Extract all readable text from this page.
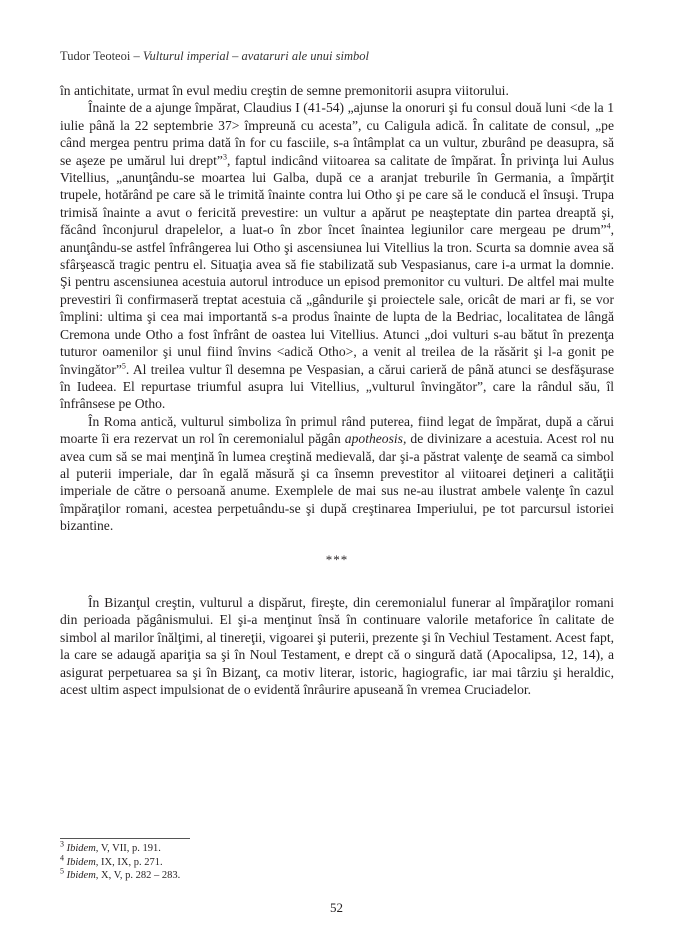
Tudor Teoteoi – Vulturul imperial – avataruri ale unui simbol

în antichitate, urmat în evul mediu creştin de semne premonitorii asupra viitorului.

Înainte de a ajunge împărat, Claudius I (41-54) „ajunse la onoruri şi fu consul două luni <de la 1 iulie până la 22 septembrie 37> împreună cu acesta”, cu Caligula adică. În calitate de consul, „pe când mergea pentru prima dată în for cu fasciile, s-a întâmplat ca un vultur, zburând pe deasupra, să se aşeze pe umărul lui drept”$^3$, faptul indicând viitoarea sa calitate de împărat. În privinţa lui Aulus Vitellius, „anunţându-se moartea lui Galba, după ce a aranjat treburile în Germania, a împărţit trupele, hotărând pe care să le trimită înainte contra lui Otho şi pe care să le conducă el însuşi. Trupa trimisă înainte a avut o fericită prevestire: un vultur a apărut pe neaşteptate din partea dreaptă şi, făcând înconjurul drapelelor, a luat-o în zbor încet înaintea legiunilor care mergeau pe drum”$^4$, anunţându-se astfel înfrângerea lui Otho şi ascensiunea lui Vitellius la tron. Scurta sa domnie avea să sfârşească tragic pentru el. Situaţia avea să fie stabilizată sub Vespasianus, care i-a urmat la domnie. Şi pentru ascensiunea acestuia autorul introduce un episod premonitor cu vulturi. De altfel mai multe prevestiri îi confirmaseră treptat acestuia că „gândurile şi proiectele sale, oricât de mari ar fi, se vor împlini: ultima şi cea mai importantă s-a produs înainte de lupta de la Bedriac, localitatea de lângă Cremona unde Otho a fost înfrânt de oastea lui Vitellius. Atunci „doi vulturi s-au bătut în prezenţa tuturor oamenilor şi unul fiind învins <adică Otho>, a venit al treilea de la răsărit şi l-a gonit pe învingător”$^5$. Al treilea vultur îl desemna pe Vespasian, a cărui carieră de până atunci se desfăşurase în Iudeea. El repurtase triumful asupra lui Vitellius, „vulturul învingător”, care la rândul său, îl înfrânsese pe Otho.

În Roma antică, vulturul simboliza în primul rând puterea, fiind legat de împărat, după a cărui moarte îi era rezervat un rol în ceremonialul păgân apotheosis, de divinizare a acestuia. Acest rol nu avea cum să se mai menţină în lumea creştină medievală, dar şi-a păstrat valenţe de seamă ca simbol al puterii imperiale, dar în egală măsură şi ca însemn prevestitor al viitoarei deţineri a calităţii imperiale de către o persoană anume. Exemplele de mai sus ne-au ilustrat ambele valenţe în cazul împăraţilor romani, acestea perpetuându-se şi după creştinarea Imperiului, pe tot parcursul istoriei bizantine.

***

În Bizanţul creştin, vulturul a dispărut, fireşte, din ceremonialul funerar al împăraţilor romani din perioada păgânismului. El şi-a menţinut însă în continuare valorile metaforice în calitate de simbol al marilor înălţimi, al tinereţii, vigoarei şi puterii, prezente şi în Vechiul Testament. Acest fapt, la care se adaugă apariţia sa şi în Noul Testament, e drept că o singură dată (Apocalipsa, 12, 14), a asigurat perpetuarea sa şi în Bizanţ, ca motiv literar, istoric, hagiografic, iar mai târziu şi heraldic, acest ultim aspect impulsionat de o evidentă înrâurire apuseană în vremea Cruciadelor.

$^3$ Ibidem, V, VII, p. 191.
$^4$ Ibidem, IX, IX, p. 271.
$^5$ Ibidem, X, V, p. 282 – 283.
52
